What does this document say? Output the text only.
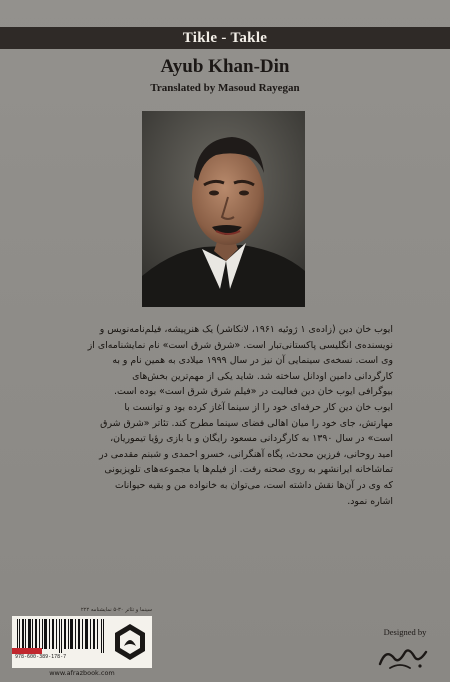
Tikle - Takle
Ayub Khan-Din
Translated by Masoud Rayegan
ایوب خان دین (زاده‌ی ۱ ژوئیه ۱۹۶۱، لانکاشر) یک هنرپیشه، فیلم‌نامه‌نویس و
نویسنده‌ی انگلیسی پاکستانی‌تبار است. «شرق شرق است» نام نمایشنامه‌ای از
وی است. نسخه‌ی سینمایی آن نیز در سال ۱۹۹۹ میلادی به همین نام و به
کارگردانی دامین اودانل ساخته شد. شاید یکی از مهم‌ترین بخش‌های
بیوگرافی ایوب خان دین فعالیت در «فیلم شرق شرق است» بوده است.
ایوب خان دین کار حرفه‌ای خود را از سینما آغاز کرده بود و توانست با
مهارتش، جای خود را میان اهالی فضای سینما مطرح کند. تئاتر «شرق شرق
است» در سال ۱۳۹۰ به کارگردانی مسعود رایگان و با بازی رؤیا تیموریان،
امید روحانی، فرزین محدث، پگاه آهنگرانی، خسرو احمدی و شبنم مقدمی در
تماشاخانه ایرانشهر به روی صحنه رفت. از فیلم‌ها یا مجموعه‌های تلویزیونی
که وی در آن‌ها نقش داشته است، می‌توان به خانواده من و بقیه حیوانات
اشاره نمود.
سینما و تئاتر ۳۰-۵ نمایشنامه ۲۲۲
978-600-389-178-7
www.afrazbook.com
Designed by
